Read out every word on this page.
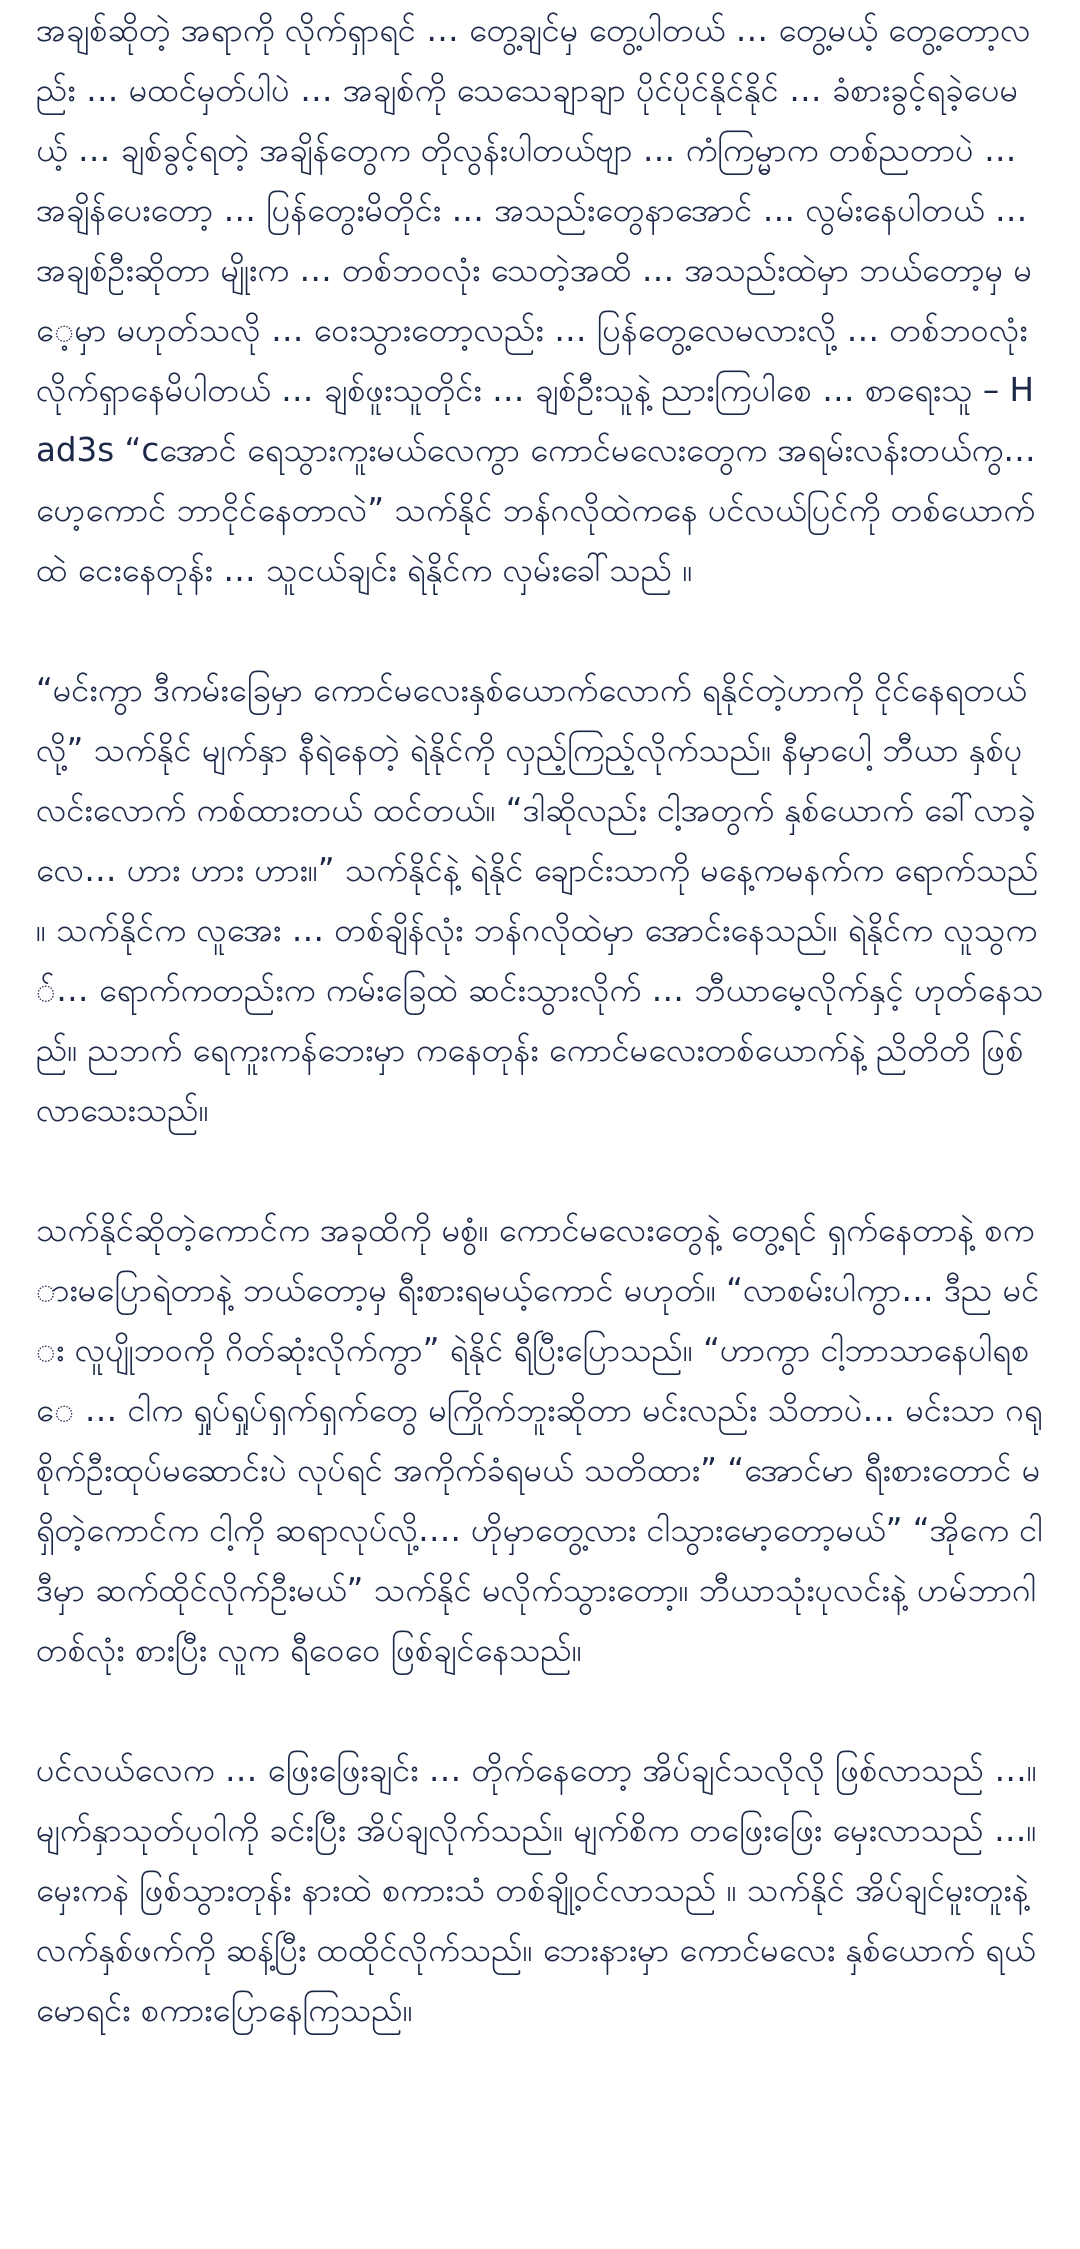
အချစ်ဆိုတဲ့ အရာကို လိုက်ရှာရင် … တွေ့ချင်မှ တွေ့ပါတယ် … တွေ့မယ့် တွေ့တော့လည်း … မထင်မှတ်ပါပဲ … အချစ်ကို သေသေချာချာ ပိုင်ပိုင်နိုင်နိုင် … ခံစားခွင့်ရခဲ့ပေမယ့် … ချစ်ခွင့်ရတဲ့ အချိန်တွေက တိုလွန်းပါတယ်ဗျာ … ကံကြမ္မာက တစ်ညတာပဲ … အချိန်ပေးတော့ … ပြန်တွေးမိတိုင်း … အသည်းတွေနာအောင် … လွမ်းနေပါတယ် … အချစ်ဦးဆိုတာ မျိုးက … တစ်ဘဝလုံး သေတဲ့အထိ … အသည်းထဲမှာ ဘယ်တော့မှ မေ့မှာ မဟုတ်သလို … ဝေးသွားတော့လည်း … ပြန်တွေ့လေမလားလို့ … တစ်ဘဝလုံး လိုက်ရှာနေမိပါတယ် … ချစ်ဖူးသူတိုင်း … ချစ်ဦးသူနဲ့ ညားကြပါစေ … စာရေးသူ – Had3s “cအောင် ရေသွားကူးမယ်လေကွာ ကောင်မလေးတွေက အရမ်းလန်းတယ်ကွ… ဟေ့ကောင် ဘာငိုင်နေတာလဲ” သက်နိုင် ဘန်ဂလိုထဲကနေ ပင်လယ်ပြင်ကို တစ်ယောက်ထဲ ငေးနေတုန်း … သူငယ်ချင်း ရဲနိုင်က လှမ်းခေါ်သည် ။

“မင်းကွာ ဒီကမ်းခြေမှာ ကောင်မလေးနှစ်ယောက်လောက် ရနိုင်တဲ့ဟာကို ငိုင်နေရတယ်လို့” သက်နိုင် မျက်နှာ နီရဲနေတဲ့ ရဲနိုင်ကို လှည့်ကြည့်လိုက်သည်။ နီမှာပေါ့ ဘီယာ နှစ်ပုလင်းလောက် ကစ်ထားတယ် ထင်တယ်။ “ဒါဆိုလည်း ငါ့အတွက် နှစ်ယောက် ခေါ်လာခဲ့လေ… ဟား ဟား ဟား။” သက်နိုင်နဲ့ ရဲနိုင် ချောင်းသာကို မနေ့ကမနက်က ရောက်သည်။ သက်နိုင်က လူအေး … တစ်ချိန်လုံး ဘန်ဂလိုထဲမှာ အောင်းနေသည်။ ရဲနိုင်က လူသွက်… ရောက်ကတည်းက ကမ်းခြေထဲ ဆင်းသွားလိုက် … ဘီယာမေ့လိုက်နှင့် ဟုတ်နေသည်။ ညဘက် ရေကူးကန်ဘေးမှာ ကနေတုန်း ကောင်မလေးတစ်ယောက်နဲ့ ညိတိတိ ဖြစ်လာသေးသည်။

သက်နိုင်ဆိုတဲ့ကောင်က အခုထိကို မစွံ။ ကောင်မလေးတွေနဲ့ တွေ့ရင် ရှက်နေတာနဲ့ စကားမပြောရဲတာနဲ့ ဘယ်တော့မှ ရီးစားရမယ့်ကောင် မဟုတ်။ “လာစမ်းပါကွာ… ဒီည မင်း လူပျိုဘဝကို ဂိတ်ဆုံးလိုက်ကွာ” ရဲနိုင် ရီပြီးပြောသည်။ “ဟာကွာ ငါ့ဘာသာနေပါရစေ … ငါက ရှုပ်ရှုပ်ရှက်ရှက်တွေ မကြိုက်ဘူးဆိုတာ မင်းလည်း သိတာပဲ… မင်းသာ ဂရုစိုက်ဦးထုပ်မဆောင်းပဲ လုပ်ရင် အကိုက်ခံရမယ် သတိထား” “အောင်မာ ရီးစားတောင် မရှိတဲ့ကောင်က ငါ့ကို ဆရာလုပ်လို့…. ဟိုမှာတွေ့လား ငါသွားမော့တော့မယ်” “အိုကေ ငါဒီမှာ ဆက်ထိုင်လိုက်ဦးမယ်” သက်နိုင် မလိုက်သွားတော့။ ဘီယာသုံးပုလင်းနဲ့ ဟမ်ဘာဂါတစ်လုံး စားပြီး လူက ရီဝေဝေ ဖြစ်ချင်နေသည်။

ပင်လယ်လေက … ဖြေးဖြေးချင်း … တိုက်နေတော့ အိပ်ချင်သလိုလို ဖြစ်လာသည် …။ မျက်နှာသုတ်ပုဝါကို ခင်းပြီး အိပ်ချလိုက်သည်။ မျက်စိက တဖြေးဖြေး မှေးလာသည် …။ မှေးကနဲ ဖြစ်သွားတုန်း နားထဲ စကားသံ တစ်ချို့ဝင်လာသည် ။ သက်နိုင် အိပ်ချင်မူးတူးနဲ့ လက်နှစ်ဖက်ကို ဆန့်ပြီး ထထိုင်လိုက်သည်။ ဘေးနားမှာ ကောင်မလေး နှစ်ယောက် ရယ်မောရင်း စကားပြောနေကြသည်။
